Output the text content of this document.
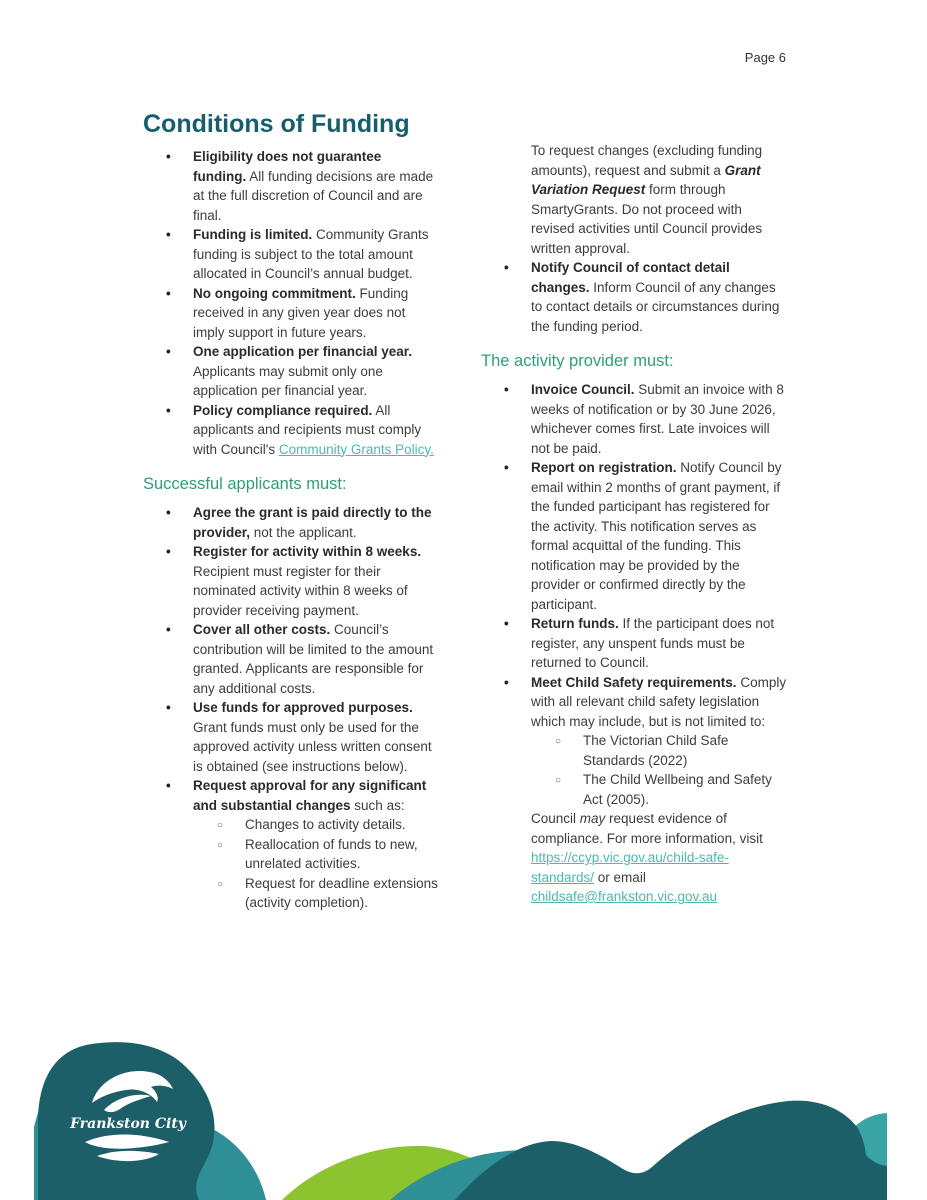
Page 6
Conditions of Funding
• Eligibility does not guarantee funding. All funding decisions are made at the full discretion of Council and are final.
• Funding is limited. Community Grants funding is subject to the total amount allocated in Council’s annual budget.
• No ongoing commitment. Funding received in any given year does not imply support in future years.
• One application per financial year. Applicants may submit only one application per financial year.
• Policy compliance required. All applicants and recipients must comply with Council's Community Grants Policy.
Successful applicants must:
• Agree the grant is paid directly to the provider, not the applicant.
• Register for activity within 8 weeks. Recipient must register for their nominated activity within 8 weeks of provider receiving payment.
• Cover all other costs. Council’s contribution will be limited to the amount granted. Applicants are responsible for any additional costs.
• Use funds for approved purposes. Grant funds must only be used for the approved activity unless written consent is obtained (see instructions below).
• Request approval for any significant and substantial changes such as:
○ Changes to activity details.
○ Reallocation of funds to new, unrelated activities.
○ Request for deadline extensions (activity completion).

To request changes (excluding funding amounts), request and submit a Grant Variation Request form through SmartyGrants. Do not proceed with revised activities until Council provides written approval.

• Notify Council of contact detail changes. Inform Council of any changes to contact details or circumstances during the funding period.
The activity provider must:
• Invoice Council. Submit an invoice with 8 weeks of notification or by 30 June 2026, whichever comes first. Late invoices will not be paid.
• Report on registration. Notify Council by email within 2 months of grant payment, if the funded participant has registered for the activity. This notification serves as formal acquittal of the funding. This notification may be provided by the provider or confirmed directly by the participant.
• Return funds. If the participant does not register, any unspent funds must be returned to Council.
• Meet Child Safety requirements. Comply with all relevant child safety legislation which may include, but is not limited to:
○ The Victorian Child Safe Standards (2022)
○ The Child Wellbeing and Safety Act (2005).
Council may request evidence of compliance. For more information, visit https://ccyp.vic.gov.au/child-safe-standards/ or email childsafe@frankston.vic.gov.au
Frankston City
